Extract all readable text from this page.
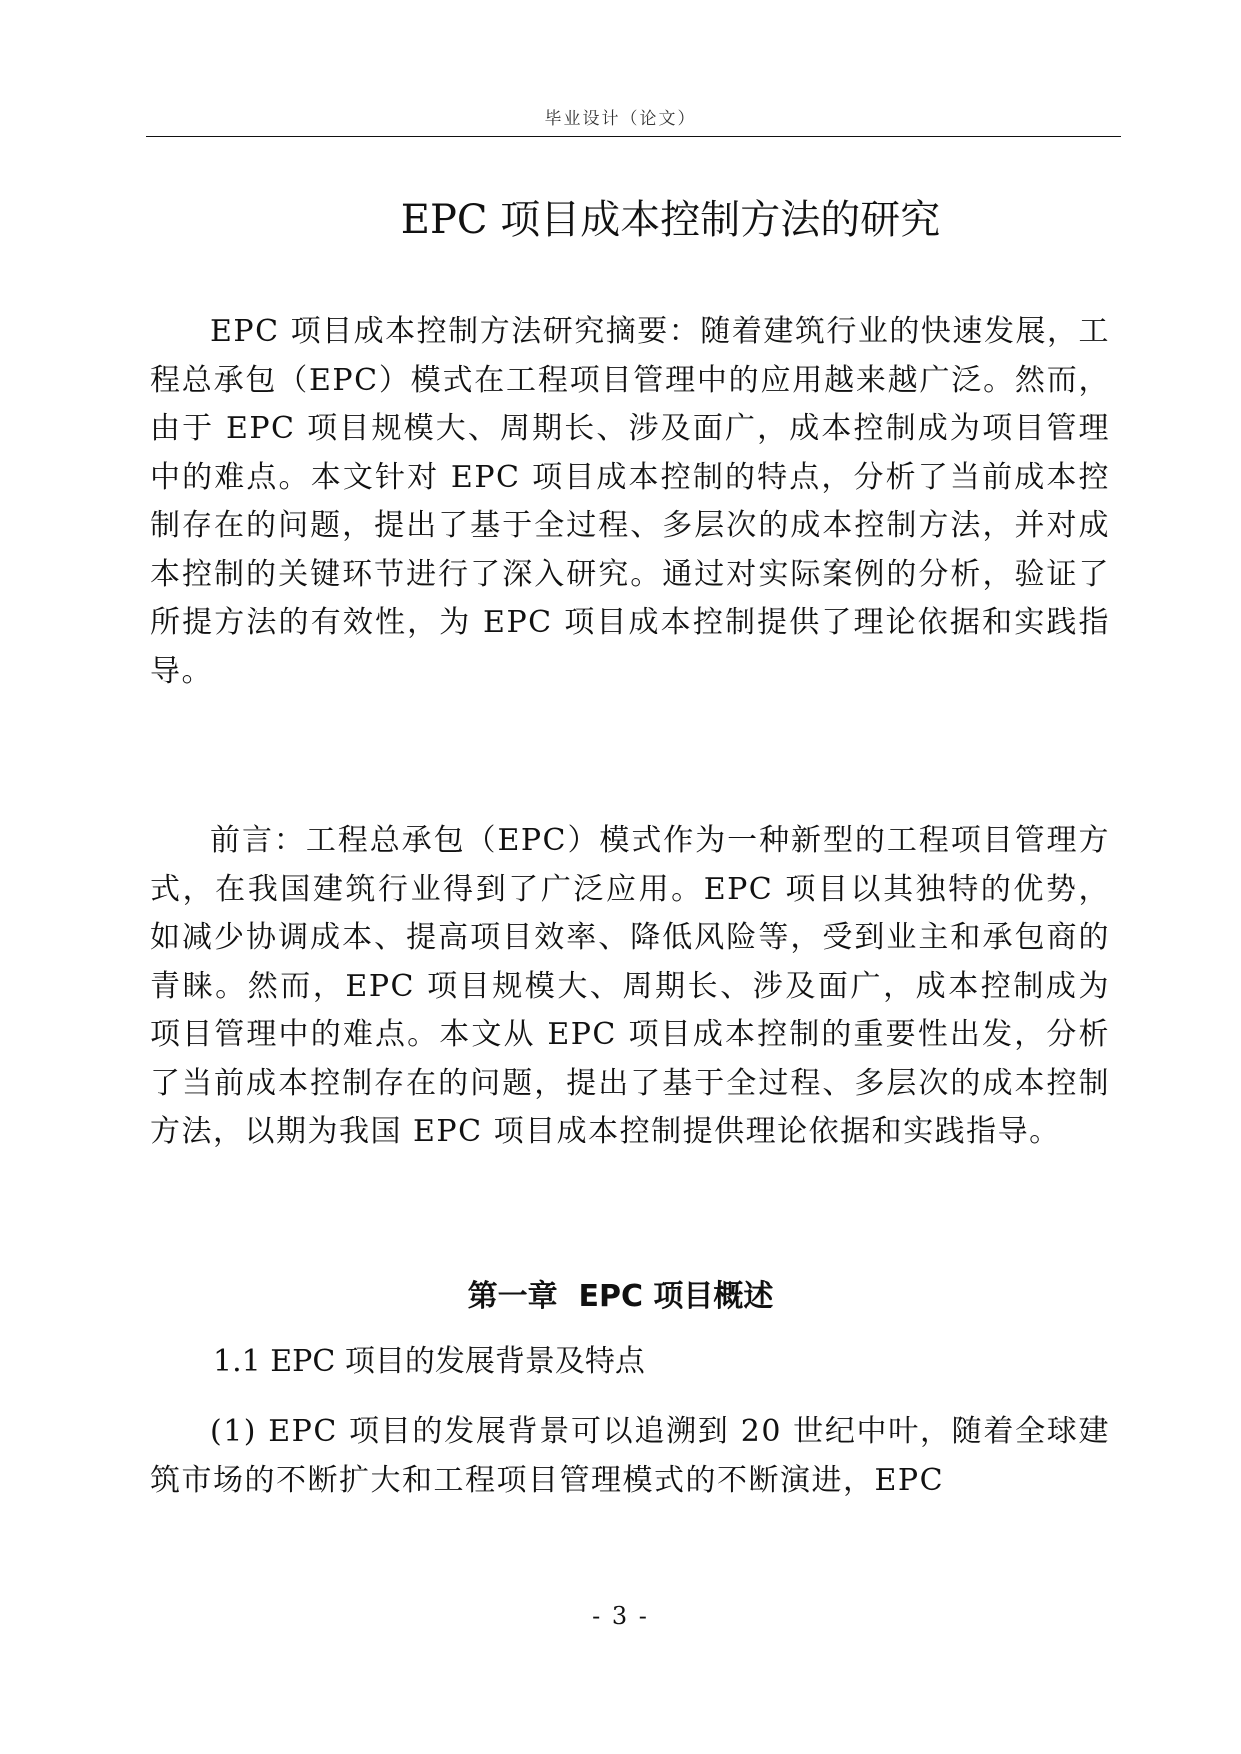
毕业设计（论文）
EPC 项目成本控制方法的研究

EPC 项目成本控制方法研究摘要：随着建筑行业的快速发展，工程总承包（EPC）模式在工程项目管理中的应用越来越广泛。然而，由于 EPC 项目规模大、周期长、涉及面广，成本控制成为项目管理中的难点。本文针对 EPC 项目成本控制的特点，分析了当前成本控制存在的问题，提出了基于全过程、多层次的成本控制方法，并对成本控制的关键环节进行了深入研究。通过对实际案例的分析，验证了所提方法的有效性，为 EPC 项目成本控制提供了理论依据和实践指导。

前言：工程总承包（EPC）模式作为一种新型的工程项目管理方式，在我国建筑行业得到了广泛应用。EPC 项目以其独特的优势，如减少协调成本、提高项目效率、降低风险等，受到业主和承包商的青睐。然而，EPC 项目规模大、周期长、涉及面广，成本控制成为项目管理中的难点。本文从 EPC 项目成本控制的重要性出发，分析了当前成本控制存在的问题，提出了基于全过程、多层次的成本控制方法，以期为我国 EPC 项目成本控制提供理论依据和实践指导。

第一章  EPC 项目概述
1.1 EPC 项目的发展背景及特点

(1) EPC 项目的发展背景可以追溯到 20 世纪中叶，随着全球建筑市场的不断扩大和工程项目管理模式的不断演进，EPC

- 3 -
